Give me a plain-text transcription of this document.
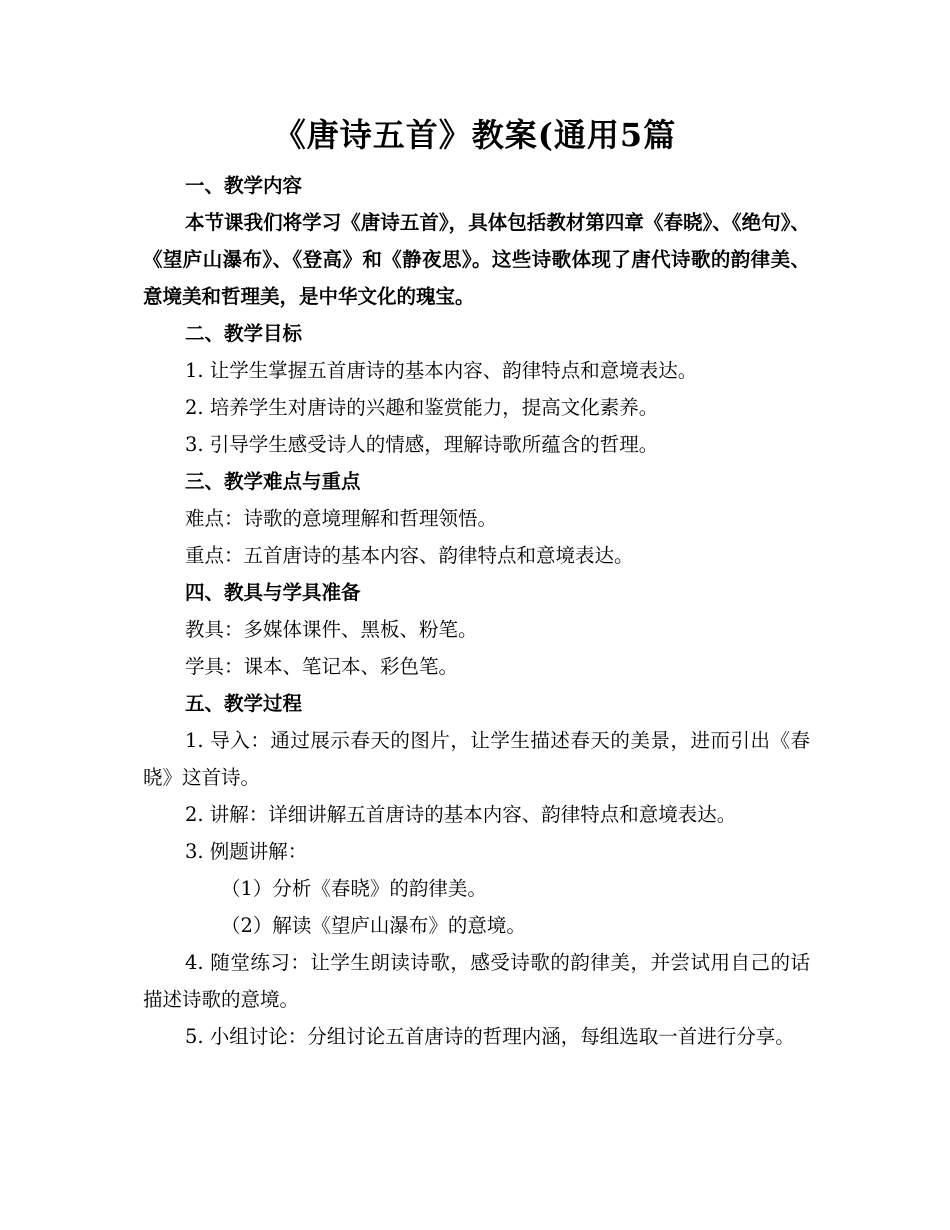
《唐诗五首》教案(通用5篇
一、教学内容
本节课我们将学习《唐诗五首》，具体包括教材第四章《春晓》、《绝句》、《望庐山瀑布》、《登高》和《静夜思》。这些诗歌体现了唐代诗歌的韵律美、意境美和哲理美，是中华文化的瑰宝。
二、教学目标
1. 让学生掌握五首唐诗的基本内容、韵律特点和意境表达。
2. 培养学生对唐诗的兴趣和鉴赏能力，提高文化素养。
3. 引导学生感受诗人的情感，理解诗歌所蕴含的哲理。
三、教学难点与重点
难点：诗歌的意境理解和哲理领悟。
重点：五首唐诗的基本内容、韵律特点和意境表达。
四、教具与学具准备
教具：多媒体课件、黑板、粉笔。
学具：课本、笔记本、彩色笔。
五、教学过程
1. 导入：通过展示春天的图片，让学生描述春天的美景，进而引出《春晓》这首诗。
2. 讲解：详细讲解五首唐诗的基本内容、韵律特点和意境表达。
3. 例题讲解：
（1）分析《春晓》的韵律美。
（2）解读《望庐山瀑布》的意境。
4. 随堂练习：让学生朗读诗歌，感受诗歌的韵律美，并尝试用自己的话描述诗歌的意境。
5. 小组讨论：分组讨论五首唐诗的哲理内涵，每组选取一首进行分享。
